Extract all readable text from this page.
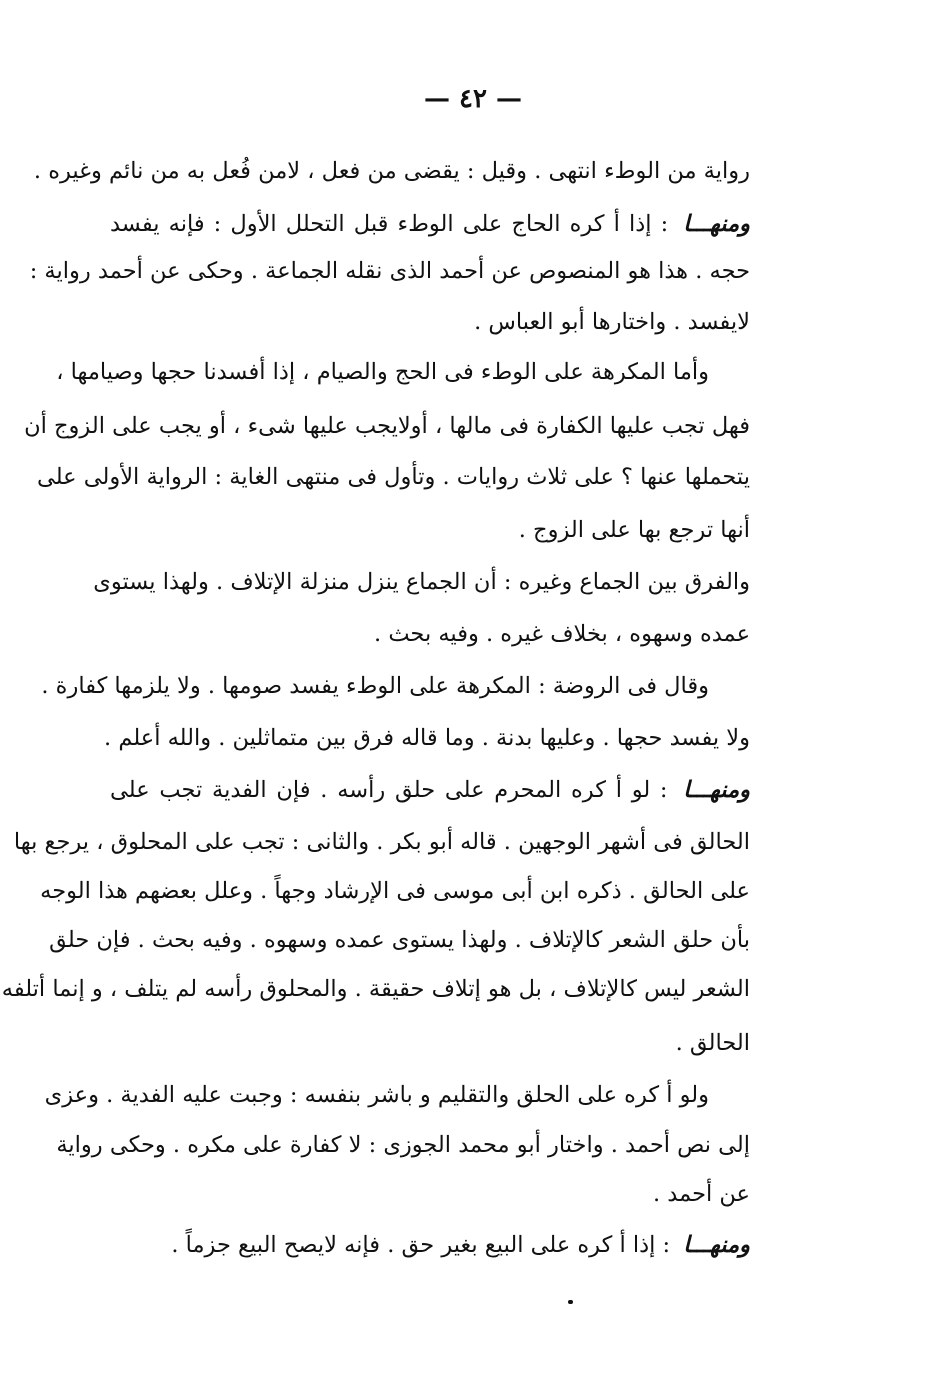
— ٤٢ —
رواية من الوطء انتهى . وقيل : يقضى من فعل ، لامن فُعل به من نائم وغيره .
ومنهـــا : إذا أ كره الحاج على الوطء قبل التحلل الأول : فإنه يفسد
حجه . هذا هو المنصوص عن أحمد الذى نقله الجماعة . وحكى عن أحمد رواية :
لايفسد . واختارها أبو العباس .
وأما المكرهة على الوطء فى الحج والصيام ، إذا أفسدنا حجها وصيامها ،
فهل تجب عليها الكفارة فى مالها ، أولايجب عليها شىء ، أو يجب على الزوج أن
يتحملها عنها ؟ على ثلاث روايات . وتأول فى منتهى الغاية : الرواية الأولى على
أنها ترجع بها على الزوج .
والفرق بين الجماع وغيره : أن الجماع ينزل منزلة الإتلاف . ولهذا يستوى
عمده وسهوه ، بخلاف غيره . وفيه بحث .
وقال فى الروضة : المكرهة على الوطء يفسد صومها . ولا يلزمها كفارة .
ولا يفسد حجها . وعليها بدنة . وما قاله فرق بين متماثلين . والله أعلم .
ومنهـــا : لو أ كره المحرم على حلق رأسه . فإن الفدية تجب على
الحالق فى أشهر الوجهين . قاله أبو بكر . والثانى : تجب على المحلوق ، يرجع بها
على الحالق . ذكره ابن أبى موسى فى الإرشاد وجهاً . وعلل بعضهم هذا الوجه
بأن حلق الشعر كالإتلاف . ولهذا يستوى عمده وسهوه . وفيه بحث . فإن حلق
الشعر ليس كالإتلاف ، بل هو إتلاف حقيقة . والمحلوق رأسه لم يتلف ، و إنما أتلفه
الحالق .
ولو أ كره على الحلق والتقليم و باشر بنفسه : وجبت عليه الفدية . وعزى
إلى نص أحمد . واختار أبو محمد الجوزى : لا كفارة على مكره . وحكى رواية
عن أحمد .
ومنهـــا : إذا أ كره على البيع بغير حق . فإنه لايصح البيع جزماً .
